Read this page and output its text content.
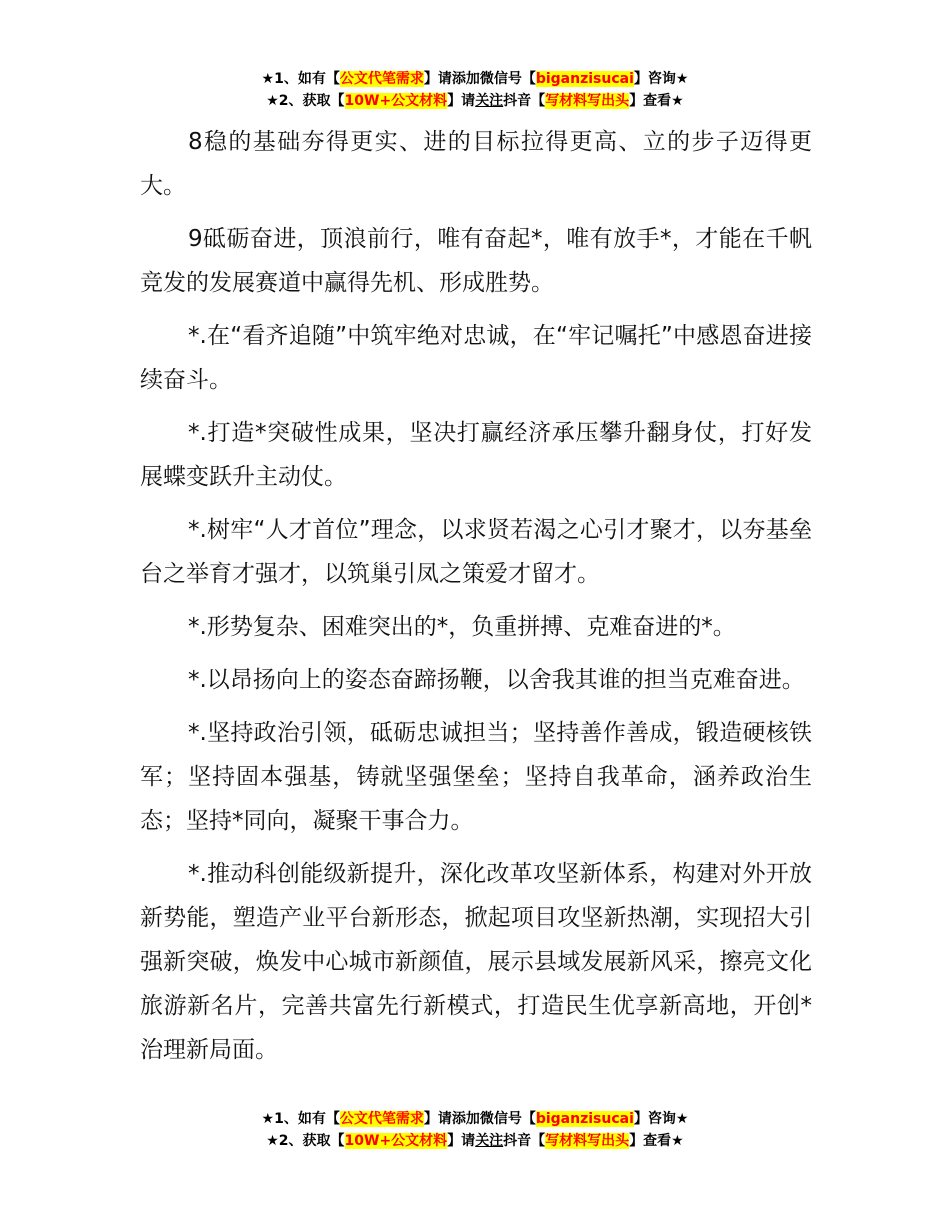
★1、如有【公文代笔需求】请添加微信号【biganzisucai】咨询★
★2、获取【10W+公文材料】请关注抖音【写材料写出头】查看★

8稳的基础夯得更实、进的目标拉得更高、立的步子迈得更大。

9砥砺奋进，顶浪前行，唯有奋起*，唯有放手*，才能在千帆竞发的发展赛道中赢得先机、形成胜势。

*.在“看齐追随”中筑牢绝对忠诚，在“牢记嘱托”中感恩奋进接续奋斗。

*.打造*突破性成果，坚决打赢经济承压攀升翻身仗，打好发展蝶变跃升主动仗。

*.树牢“人才首位”理念，以求贤若渴之心引才聚才，以夯基垒台之举育才强才，以筑巢引凤之策爱才留才。

*.形势复杂、困难突出的*，负重拼搏、克难奋进的*。

*.以昂扬向上的姿态奋蹄扬鞭，以舍我其谁的担当克难奋进。

*.坚持政治引领，砥砺忠诚担当；坚持善作善成，锻造硬核铁军；坚持固本强基，铸就坚强堡垒；坚持自我革命，涵养政治生态；坚持*同向，凝聚干事合力。

*.推动科创能级新提升，深化改革攻坚新体系，构建对外开放新势能，塑造产业平台新形态，掀起项目攻坚新热潮，实现招大引强新突破，焕发中心城市新颜值，展示县域发展新风采，擦亮文化旅游新名片，完善共富先行新模式，打造民生优享新高地，开创*治理新局面。

★1、如有【公文代笔需求】请添加微信号【biganzisucai】咨询★
★2、获取【10W+公文材料】请关注抖音【写材料写出头】查看★
